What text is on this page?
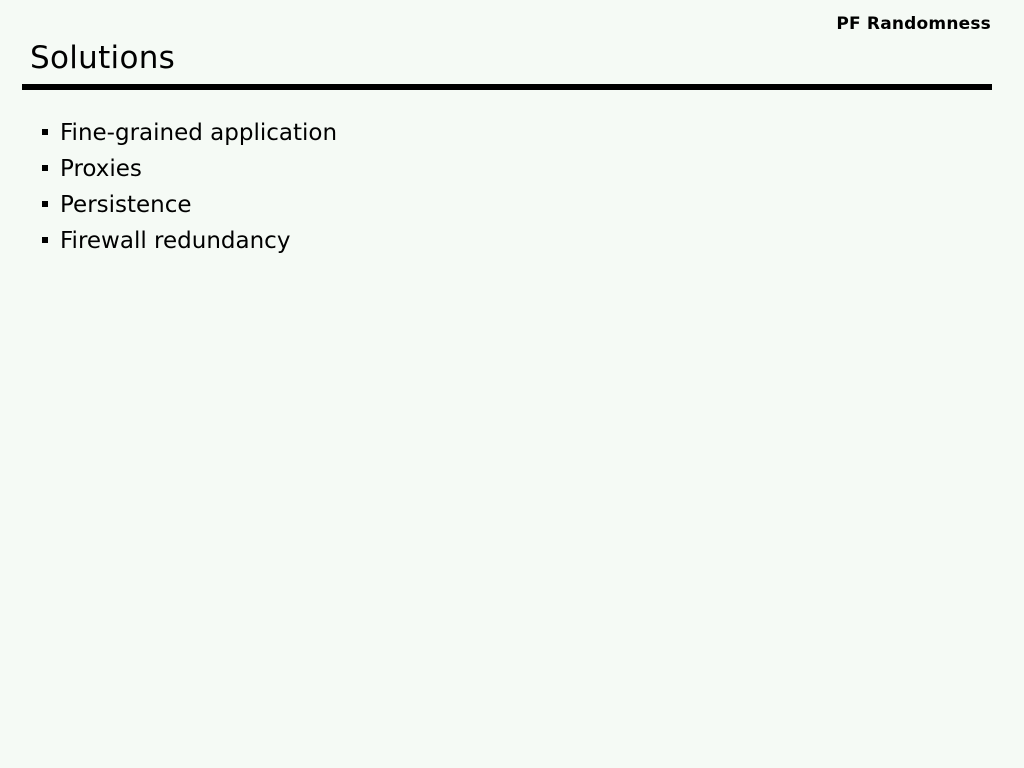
PF Randomness
Solutions
Fine-grained application
Proxies
Persistence
Firewall redundancy
